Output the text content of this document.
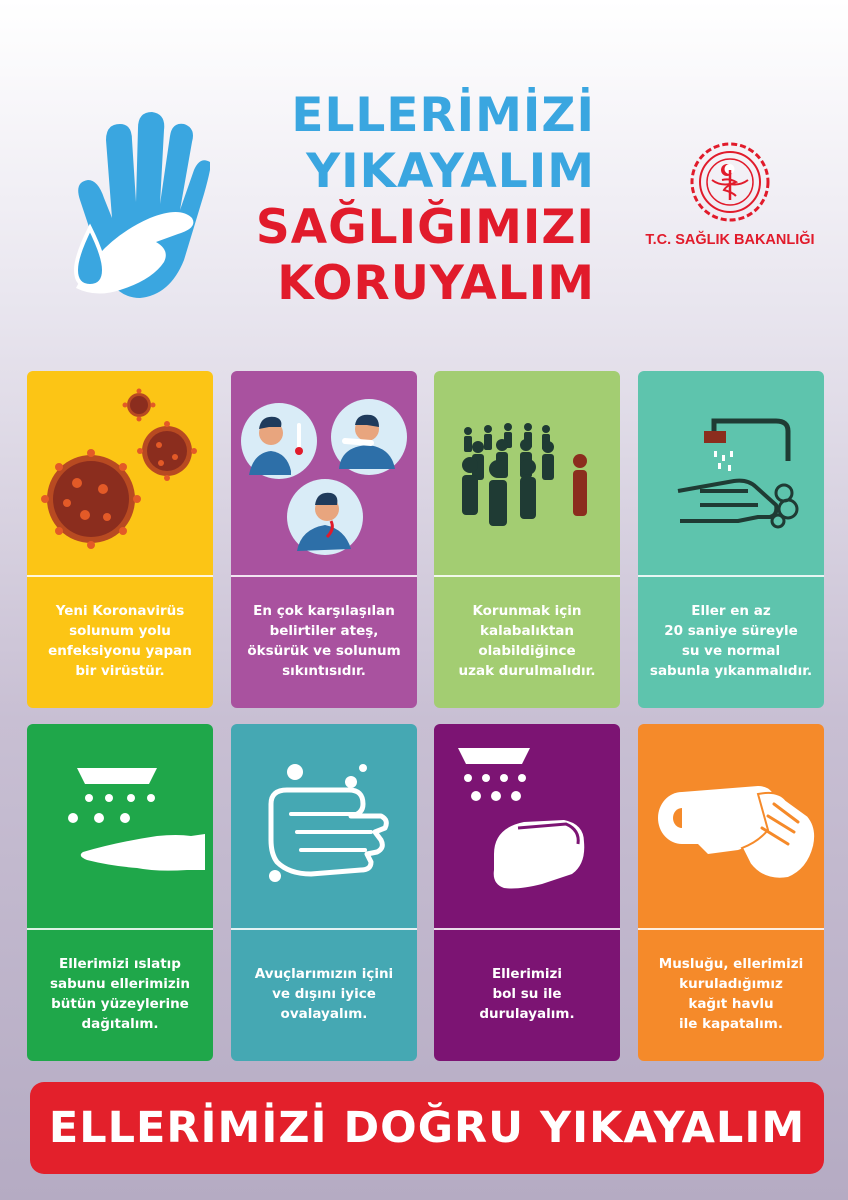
ELLERİMİZİ
YIKAYALIM
SAĞLIĞIMIZI
KORUYALIM
T.C. SAĞLIK BAKANLIĞI
Yeni Koronavirüs
solunum yolu
enfeksiyonu yapan
bir virüstür.
En çok karşılaşılan
belirtiler ateş,
öksürük ve solunum
sıkıntısıdır.
Korunmak için
kalabalıktan
olabildiğince
uzak durulmalıdır.
Eller en az
20 saniye süreyle
su ve normal
sabunla yıkanmalıdır.
Ellerimizi ıslatıp
sabunu ellerimizin
bütün yüzeylerine
dağıtalım.
Avuçlarımızın içini
ve dışını iyice
ovalayalım.
Ellerimizi
bol su ile
durulayalım.
Musluğu, ellerimizi
kuruladığımız
kağıt havlu
ile kapatalım.
ELLERİMİZİ DOĞRU YIKAYALIM
